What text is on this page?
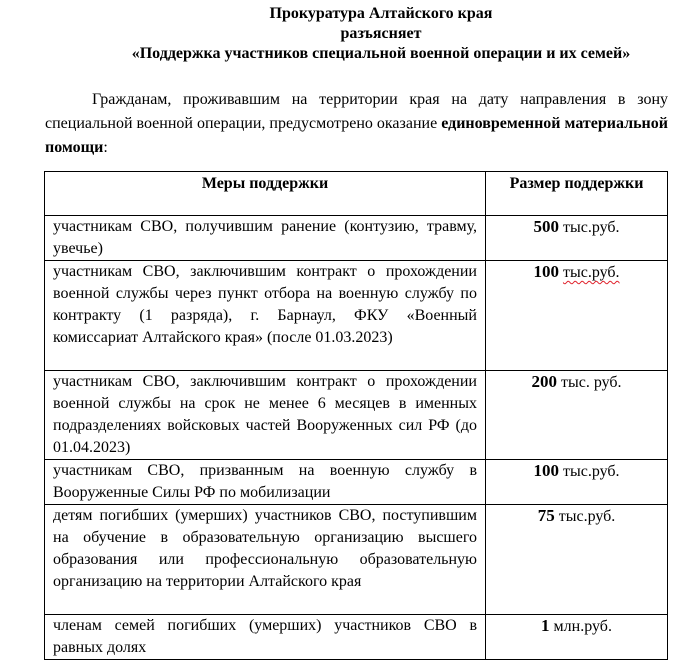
Прокуратура Алтайского края
разъясняет
«Поддержка участников специальной военной операции и их семей»

Гражданам, проживавшим на территории края на дату направления в зону специальной военной операции, предусмотрено оказание единовременной материальной помощи:

Меры поддержки	Размер поддержки
участникам СВО, получившим ранение (контузию, травму, увечье)	500 тыс.руб.
участникам СВО, заключившим контракт о прохождении военной службы через пункт отбора на военную службу по контракту (1 разряда), г. Барнаул, ФКУ «Военный комиссариат Алтайского края» (после 01.03.2023)	100 тыс.руб.
участникам СВО, заключившим контракт о прохождении военной службы на срок не менее 6 месяцев в именных подразделениях войсковых частей Вооруженных сил РФ (до 01.04.2023)	200 тыс. руб.
участникам СВО, призванным на военную службу в Вооруженные Силы РФ по мобилизации	100 тыс.руб.
детям погибших (умерших) участников СВО, поступившим на обучение в образовательную организацию высшего образования или профессиональную образовательную организацию на территории Алтайского края	75 тыс.руб.
членам семей погибших (умерших) участников СВО в равных долях	1 млн.руб.
